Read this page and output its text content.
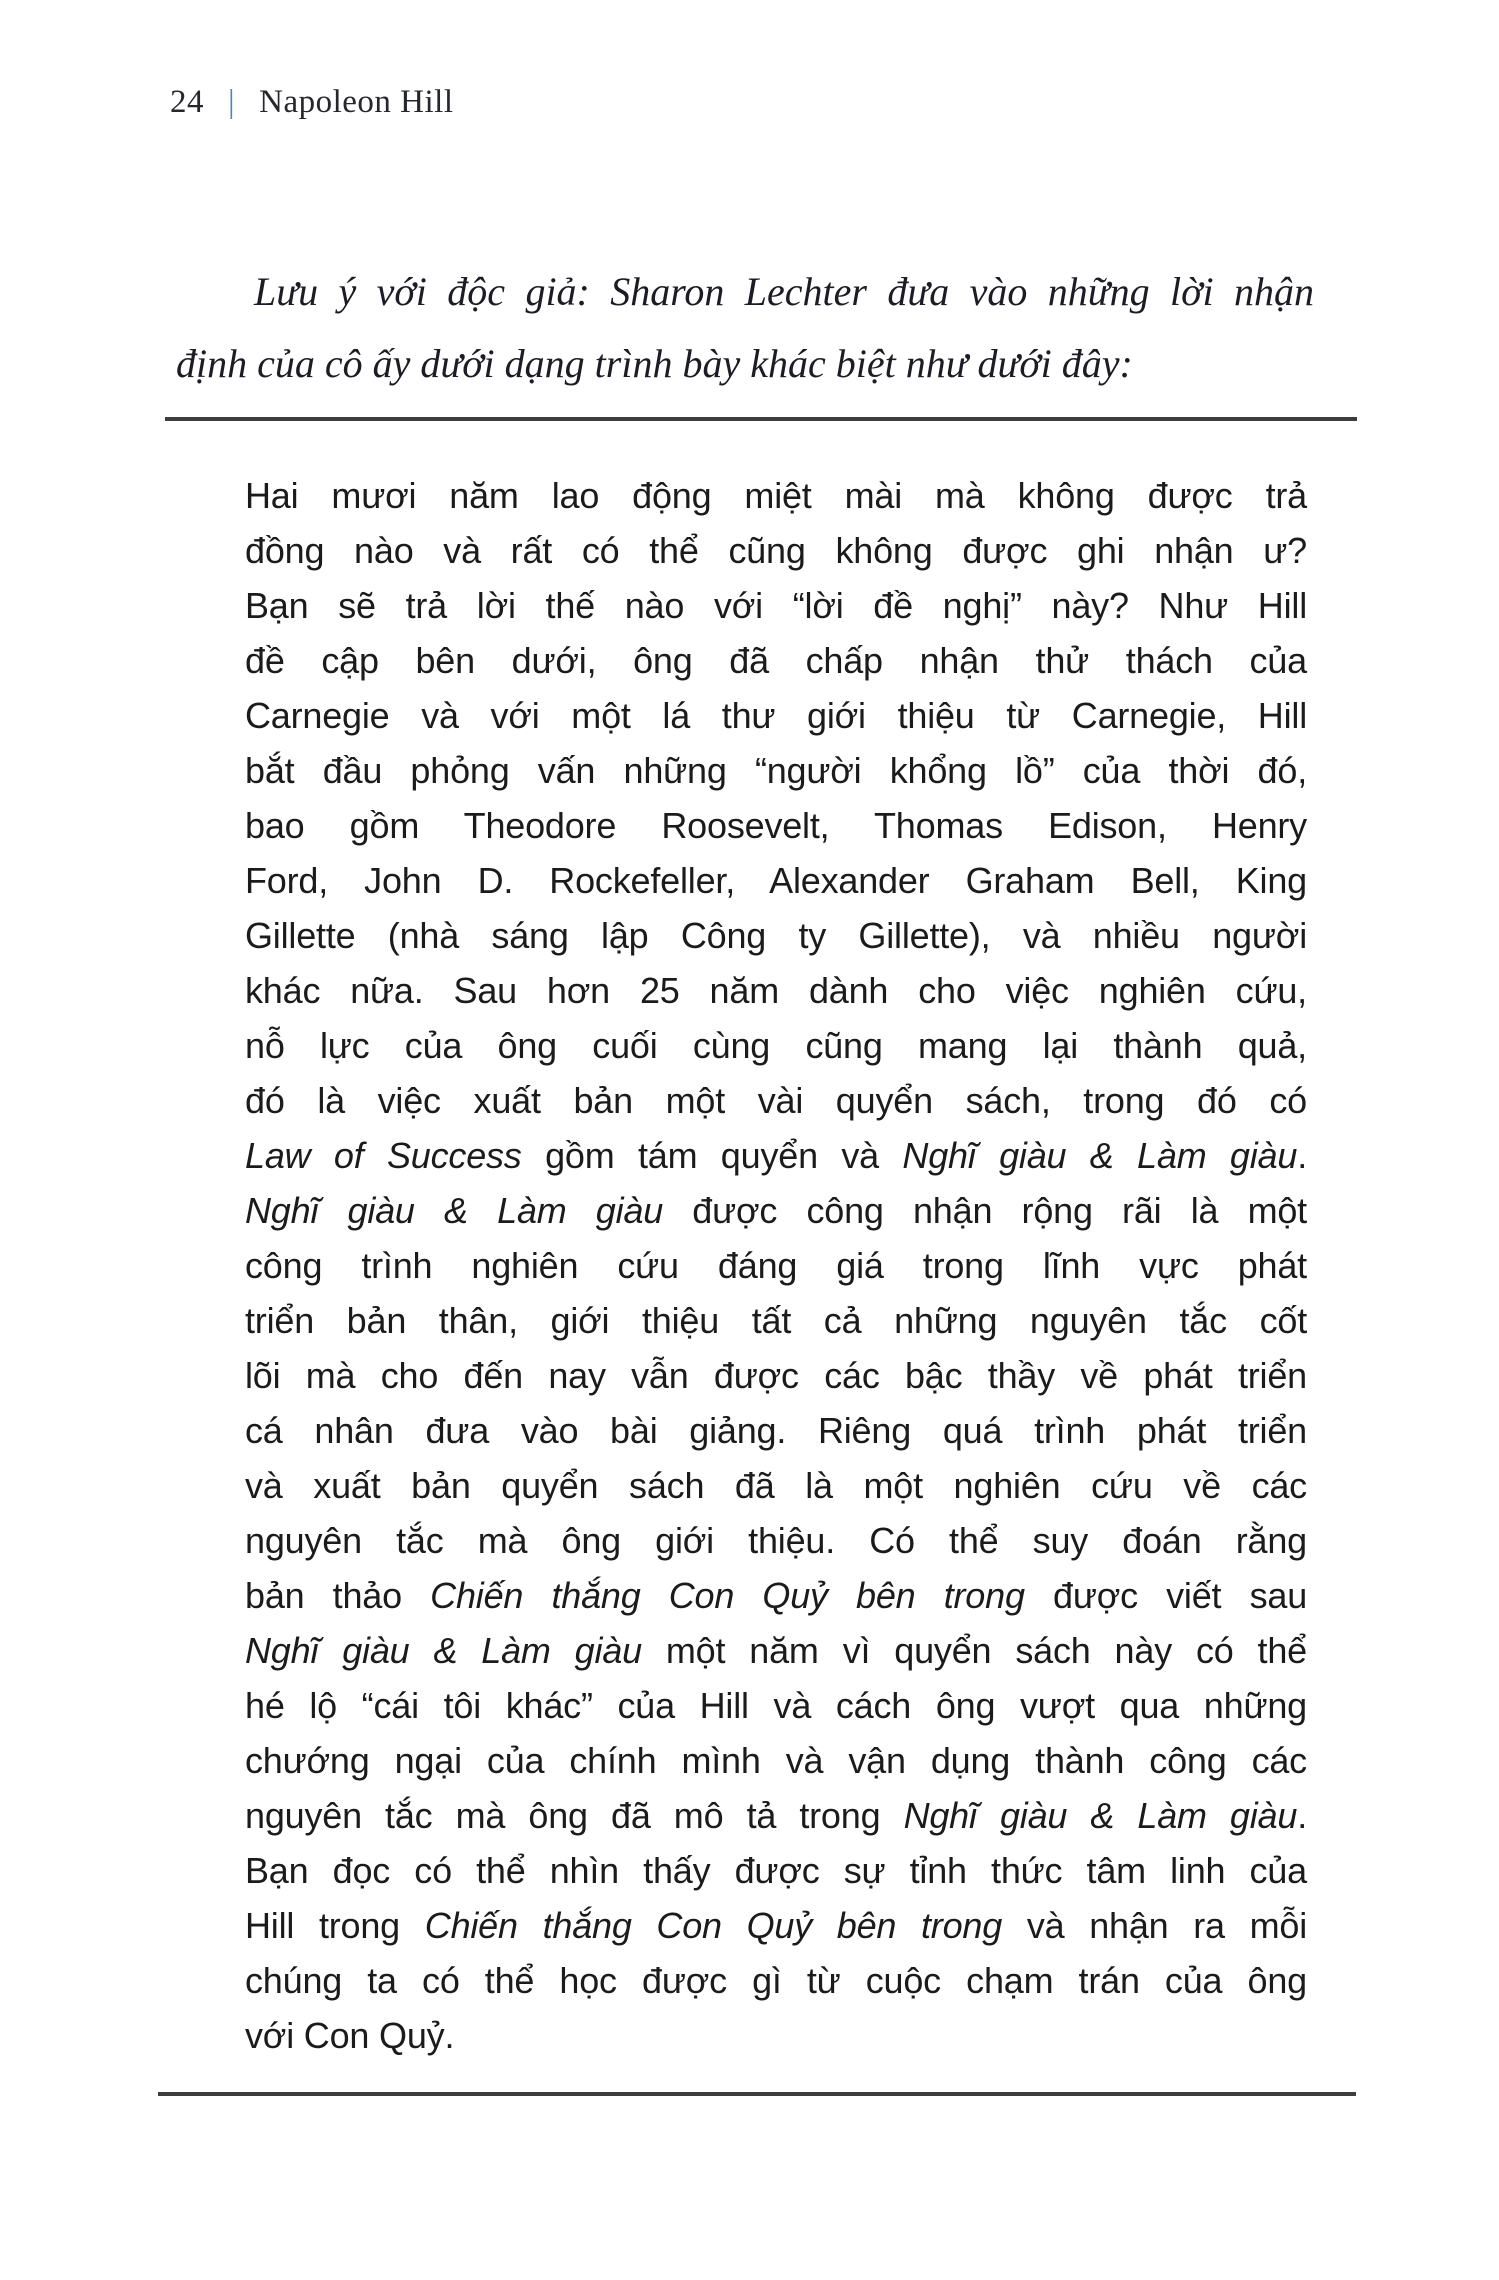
24 | Napoleon Hill
Lưu ý với độc giả: Sharon Lechter đưa vào những lời nhận
định của cô ấy dưới dạng trình bày khác biệt như dưới đây:
Hai mươi năm lao động miệt mài mà không được trả
đồng nào và rất có thể cũng không được ghi nhận ư?
Bạn sẽ trả lời thế nào với “lời đề nghị” này? Như Hill
đề cập bên dưới, ông đã chấp nhận thử thách của
Carnegie và với một lá thư giới thiệu từ Carnegie, Hill
bắt đầu phỏng vấn những “người khổng lồ” của thời đó,
bao gồm Theodore Roosevelt, Thomas Edison, Henry
Ford, John D. Rockefeller, Alexander Graham Bell, King
Gillette (nhà sáng lập Công ty Gillette), và nhiều người
khác nữa. Sau hơn 25 năm dành cho việc nghiên cứu,
nỗ lực của ông cuối cùng cũng mang lại thành quả,
đó là việc xuất bản một vài quyển sách, trong đó có
Law of Success gồm tám quyển và Nghĩ giàu & Làm giàu.
Nghĩ giàu & Làm giàu được công nhận rộng rãi là một
công trình nghiên cứu đáng giá trong lĩnh vực phát
triển bản thân, giới thiệu tất cả những nguyên tắc cốt
lõi mà cho đến nay vẫn được các bậc thầy về phát triển
cá nhân đưa vào bài giảng. Riêng quá trình phát triển
và xuất bản quyển sách đã là một nghiên cứu về các
nguyên tắc mà ông giới thiệu. Có thể suy đoán rằng
bản thảo Chiến thắng Con Quỷ bên trong được viết sau
Nghĩ giàu & Làm giàu một năm vì quyển sách này có thể
hé lộ “cái tôi khác” của Hill và cách ông vượt qua những
chướng ngại của chính mình và vận dụng thành công các
nguyên tắc mà ông đã mô tả trong Nghĩ giàu & Làm giàu.
Bạn đọc có thể nhìn thấy được sự tỉnh thức tâm linh của
Hill trong Chiến thắng Con Quỷ bên trong và nhận ra mỗi
chúng ta có thể học được gì từ cuộc chạm trán của ông
với Con Quỷ.
